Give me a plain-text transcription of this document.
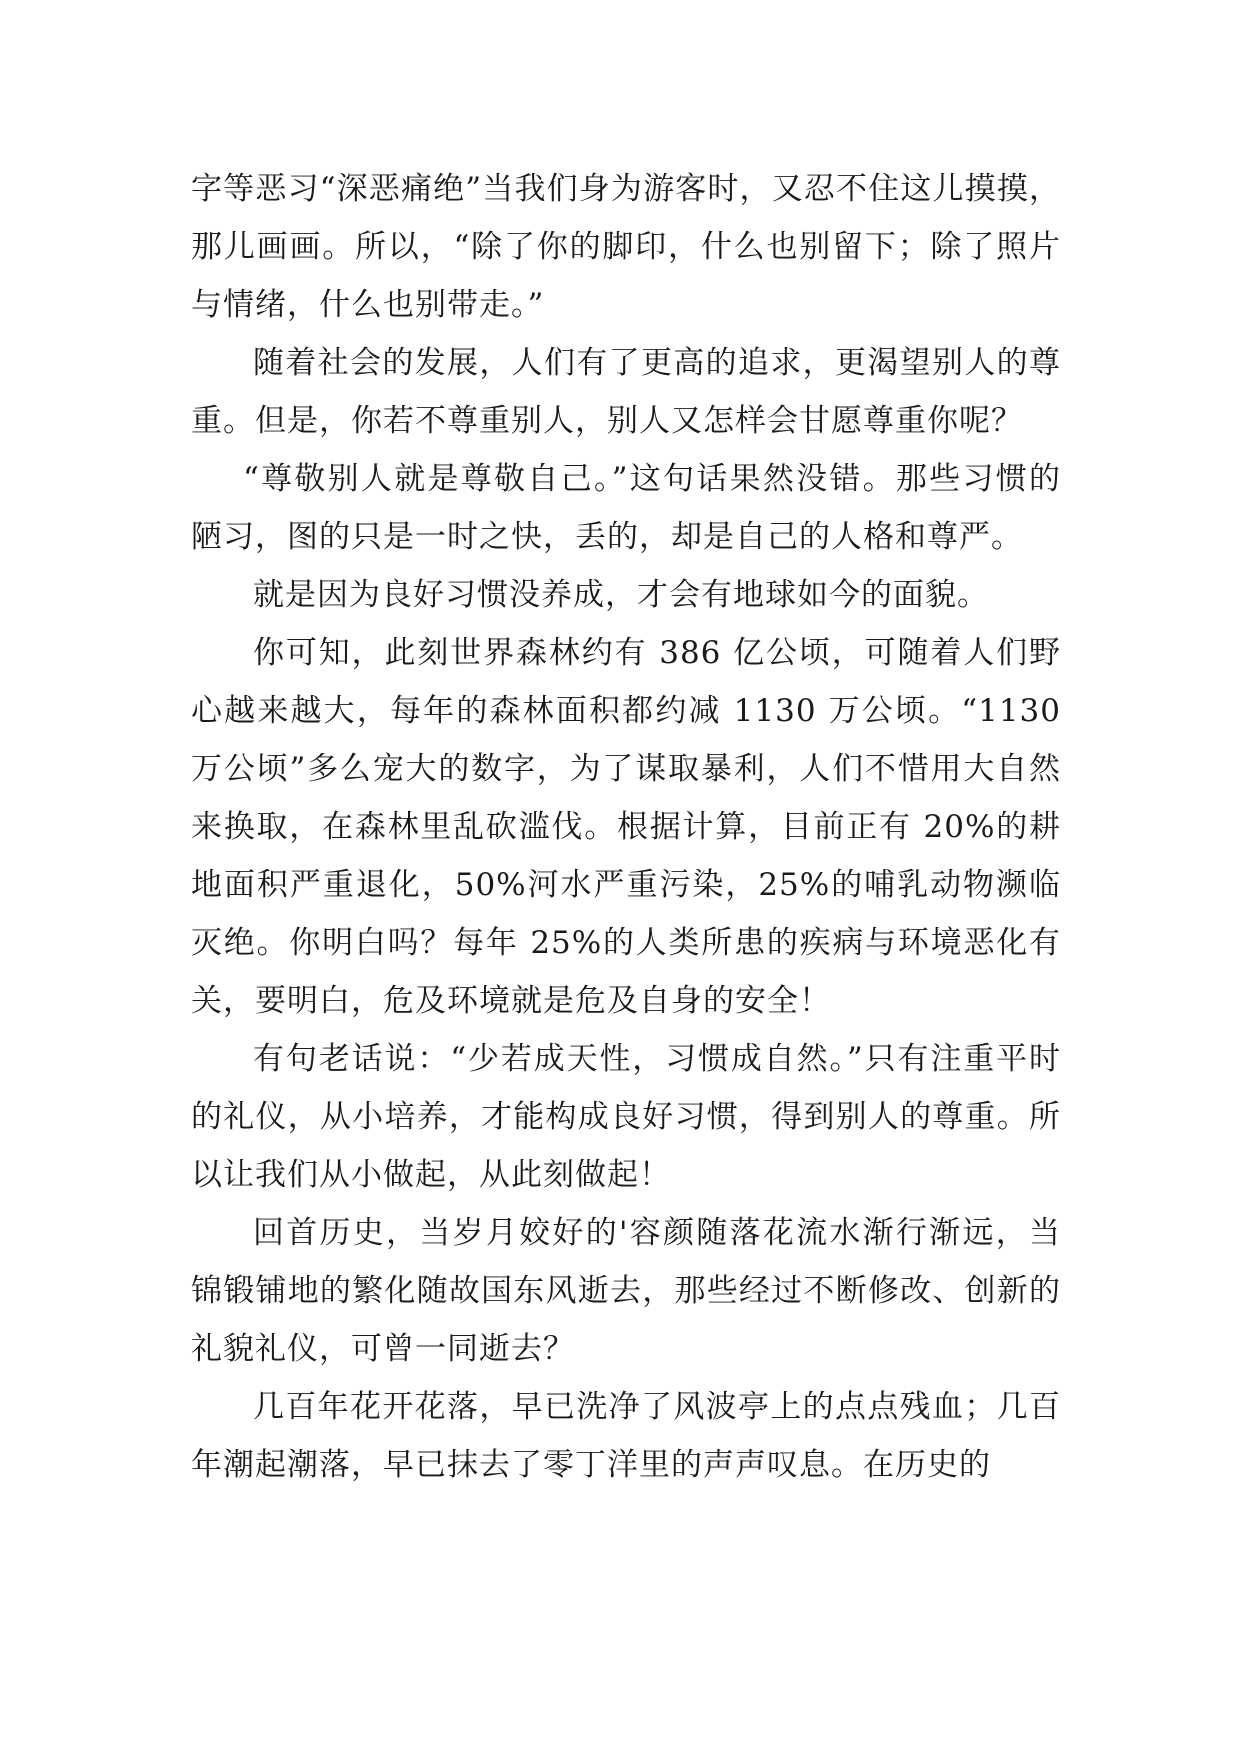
字等恶习“深恶痛绝”当我们身为游客时，又忍不住这儿摸摸，那儿画画。所以，“除了你的脚印，什么也别留下；除了照片与情绪，什么也别带走。”

随着社会的发展，人们有了更高的追求，更渴望别人的尊重。但是，你若不尊重别人，别人又怎样会甘愿尊重你呢？

“尊敬别人就是尊敬自己。”这句话果然没错。那些习惯的陋习，图的只是一时之快，丢的，却是自己的人格和尊严。

就是因为良好习惯没养成，才会有地球如今的面貌。

你可知，此刻世界森林约有 386 亿公顷，可随着人们野心越来越大，每年的森林面积都约减 1130 万公顷。“1130 万公顷”多么宠大的数字，为了谋取暴利，人们不惜用大自然来换取，在森林里乱砍滥伐。根据计算，目前正有 20%的耕地面积严重退化，50%河水严重污染，25%的哺乳动物濒临灭绝。你明白吗？每年 25%的人类所患的疾病与环境恶化有关，要明白，危及环境就是危及自身的安全！

有句老话说：“少若成天性，习惯成自然。”只有注重平时的礼仪，从小培养，才能构成良好习惯，得到别人的尊重。所以让我们从小做起，从此刻做起！

回首历史，当岁月姣好的'容颜随落花流水渐行渐远，当锦锻铺地的繁化随故国东风逝去，那些经过不断修改、创新的礼貌礼仪，可曾一同逝去？

几百年花开花落，早已洗净了风波亭上的点点残血；几百年潮起潮落，早已抹去了零丁洋里的声声叹息。在历史的
